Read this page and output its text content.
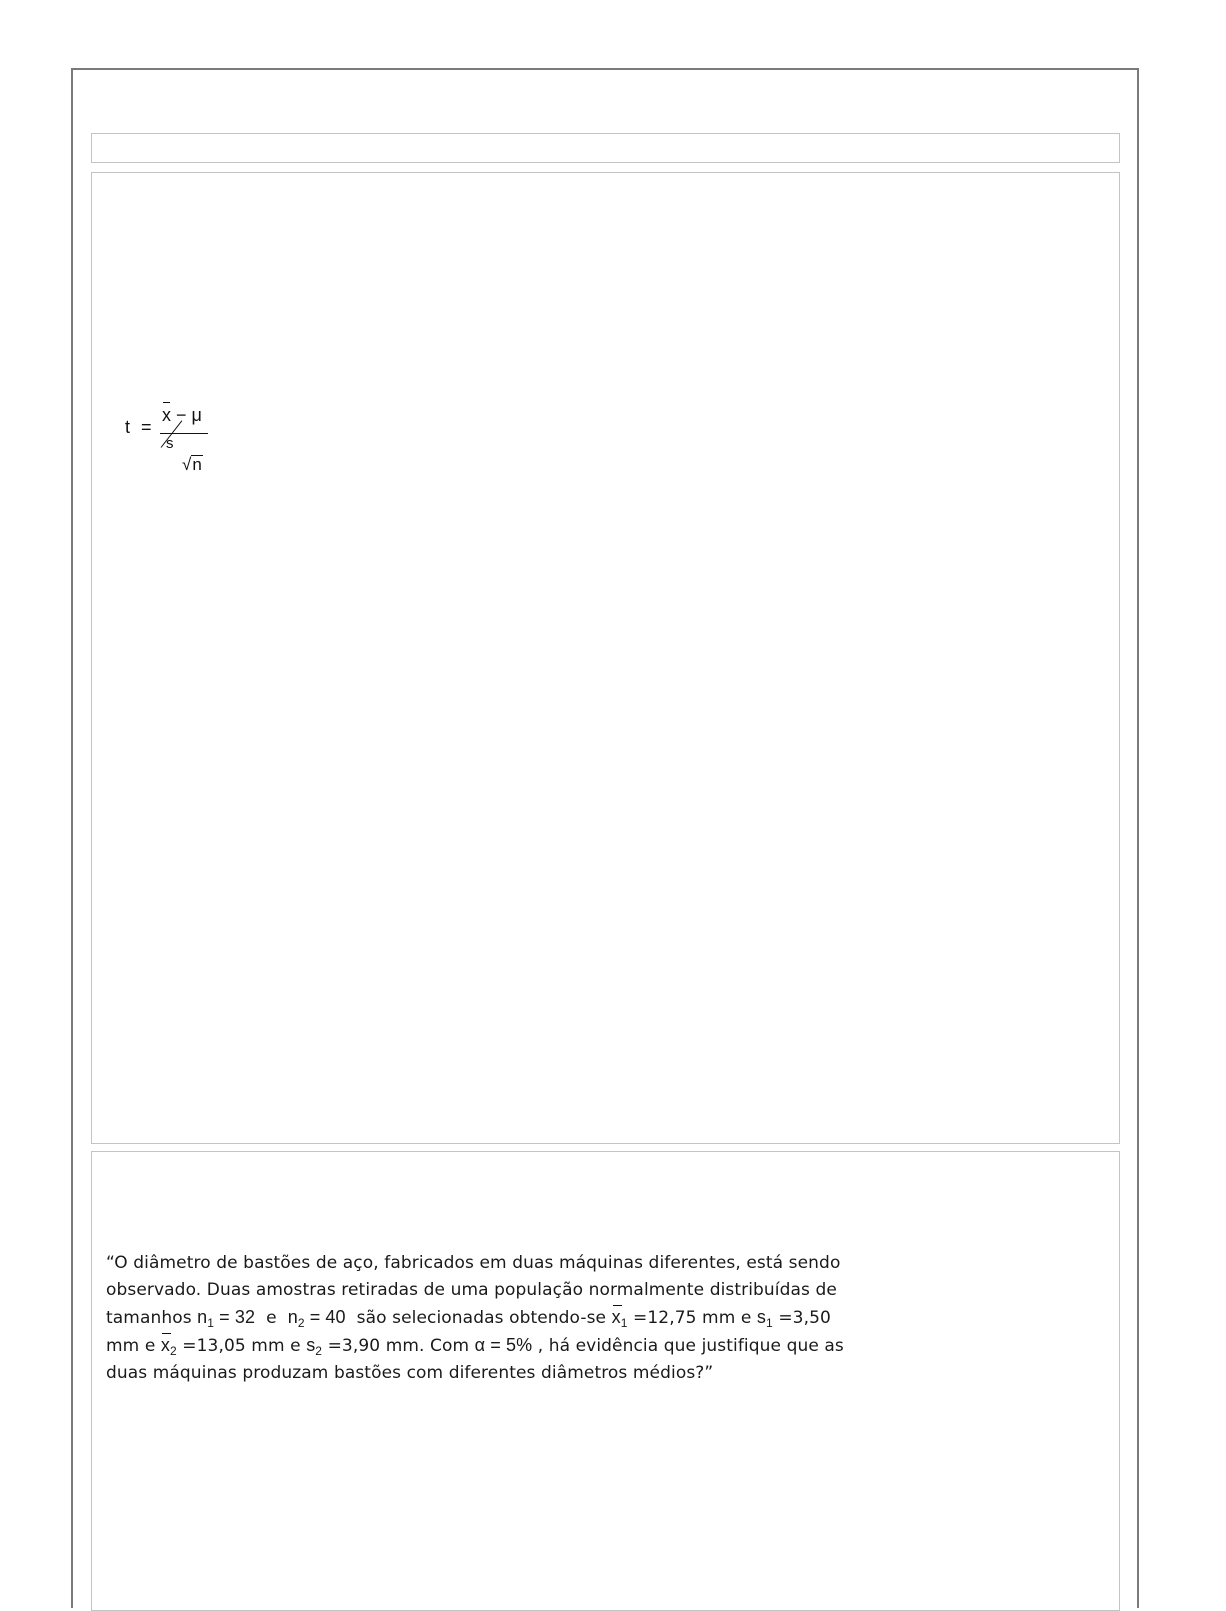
t =
x − μ
s
√n
“O diâmetro de bastões de aço, fabricados em duas máquinas diferentes, está sendo
observado. Duas amostras retiradas de uma população normalmente distribuídas de
tamanhos $n_1 = 32$  e  $n_2 = 40$  são selecionadas obtendo-se $x_1 =12,75$ mm e $s_1 =3,50$
mm e $x_2 =13,05$ mm e $s_2 =3,90$ mm. Com α = 5% , há evidência que justifique que as
duas máquinas produzam bastões com diferentes diâmetros médios?”
